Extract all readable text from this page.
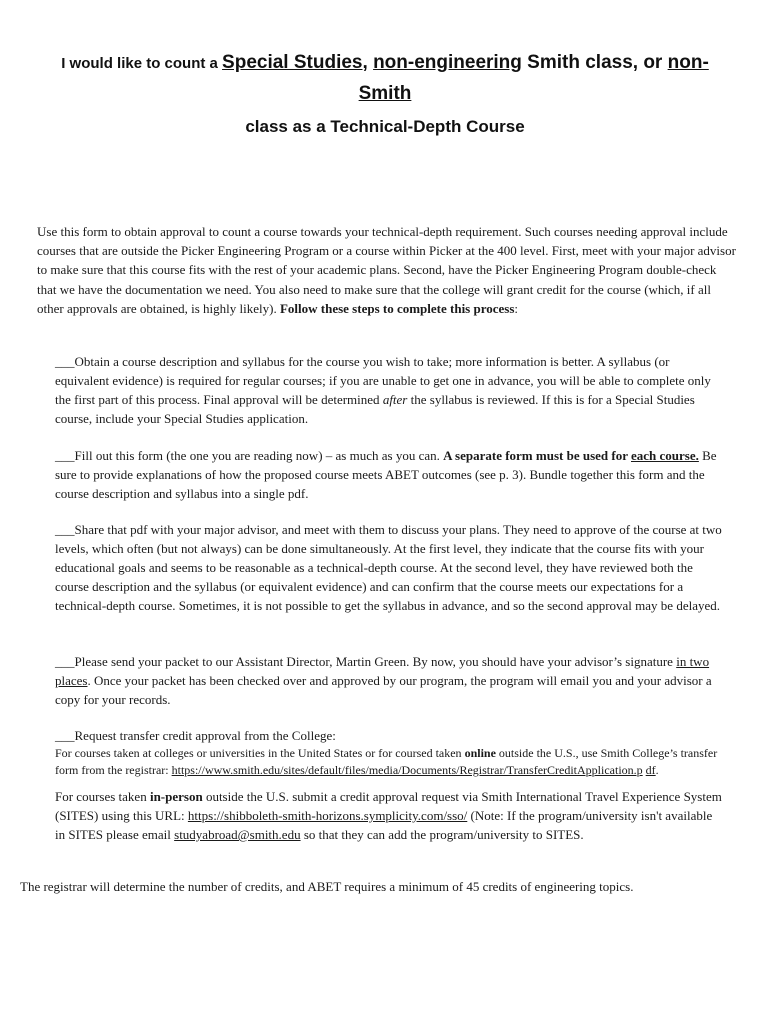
I would like to count a Special Studies, non-engineering Smith class, or non-Smith
class as a Technical-Depth Course
Use this form to obtain approval to count a course towards your technical-depth requirement. Such courses needing approval include courses that are outside the Picker Engineering Program or a course within Picker at the 400 level. First, meet with your major advisor to make sure that this course fits with the rest of your academic plans. Second, have the Picker Engineering Program double-check that we have the documentation we need. You also need to make sure that the college will grant credit for the course (which, if all other approvals are obtained, is highly likely). Follow these steps to complete this process:
___Obtain a course description and syllabus for the course you wish to take; more information is better. A syllabus (or equivalent evidence) is required for regular courses; if you are unable to get one in advance, you will be able to complete only the first part of this process. Final approval will be determined after the syllabus is reviewed. If this is for a Special Studies course, include your Special Studies application.
___Fill out this form (the one you are reading now) – as much as you can. A separate form must be used for each course. Be sure to provide explanations of how the proposed course meets ABET outcomes (see p. 3). Bundle together this form and the course description and syllabus into a single pdf.
___Share that pdf with your major advisor, and meet with them to discuss your plans. They need to approve of the course at two levels, which often (but not always) can be done simultaneously. At the first level, they indicate that the course fits with your educational goals and seems to be reasonable as a technical-depth course. At the second level, they have reviewed both the course description and the syllabus (or equivalent evidence) and can confirm that the course meets our expectations for a technical-depth course. Sometimes, it is not possible to get the syllabus in advance, and so the second approval may be delayed.
___Please send your packet to our Assistant Director, Martin Green. By now, you should have your advisor’s signature in two places. Once your packet has been checked over and approved by our program, the program will email you and your advisor a copy for your records.
___Request transfer credit approval from the College:
For courses taken at colleges or universities in the United States or for coursed taken online outside the U.S., use Smith College’s transfer form from the registrar: https://www.smith.edu/sites/default/files/media/Documents/Registrar/TransferCreditApplication.p df.
For courses taken in-person outside the U.S. submit a credit approval request via Smith International Travel Experience System (SITES) using this URL: https://shibboleth-smith-horizons.symplicity.com/sso/ (Note: If the program/university isn't available in SITES please email studyabroad@smith.edu so that they can add the program/university to SITES.
The registrar will determine the number of credits, and ABET requires a minimum of 45 credits of engineering topics.
